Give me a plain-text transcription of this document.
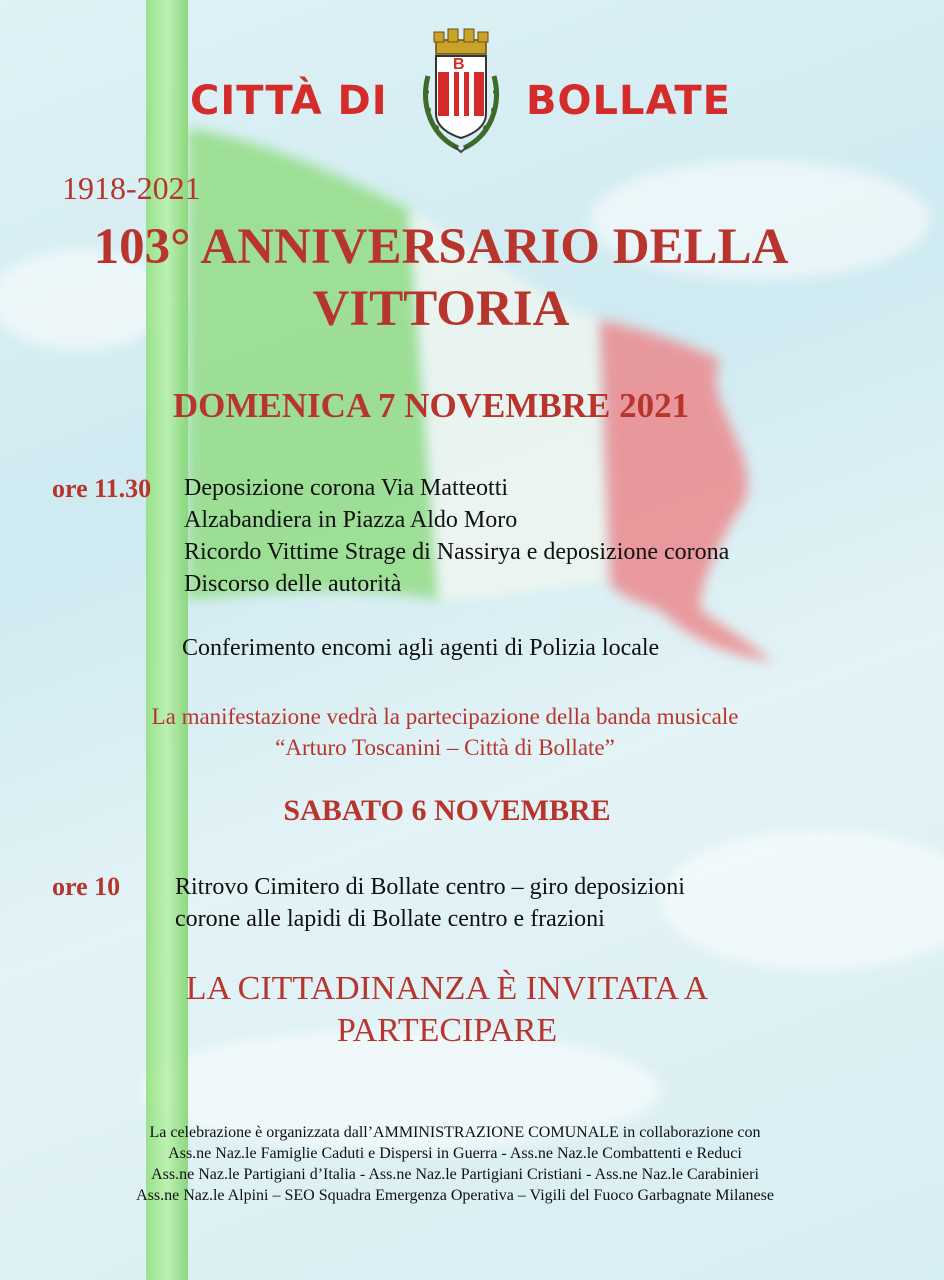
CITTÀ DI	BOLLATE
B
1918-2021
103° ANNIVERSARIO DELLA
VITTORIA
DOMENICA 7 NOVEMBRE 2021
ore 11.30 Deposizione corona Via Matteotti
Alzabandiera in Piazza Aldo Moro
Ricordo Vittime Strage di Nassirya e deposizione corona
Discorso delle autorità
Conferimento encomi agli agenti di Polizia locale
La manifestazione vedrà la partecipazione della banda musicale
“Arturo Toscanini – Città di Bollate”
SABATO 6 NOVEMBRE
ore 10 Ritrovo Cimitero di Bollate centro – giro deposizioni
corone alle lapidi di Bollate centro e frazioni
LA CITTADINANZA È INVITATA A
PARTECIPARE
La celebrazione è organizzata dall’AMMINISTRAZIONE COMUNALE in collaborazione con
Ass.ne Naz.le Famiglie Caduti e Dispersi in Guerra - Ass.ne Naz.le Combattenti e Reduci
Ass.ne Naz.le Partigiani d’Italia - Ass.ne Naz.le Partigiani Cristiani - Ass.ne Naz.le Carabinieri
Ass.ne Naz.le Alpini – SEO Squadra Emergenza Operativa – Vigili del Fuoco Garbagnate Milanese
